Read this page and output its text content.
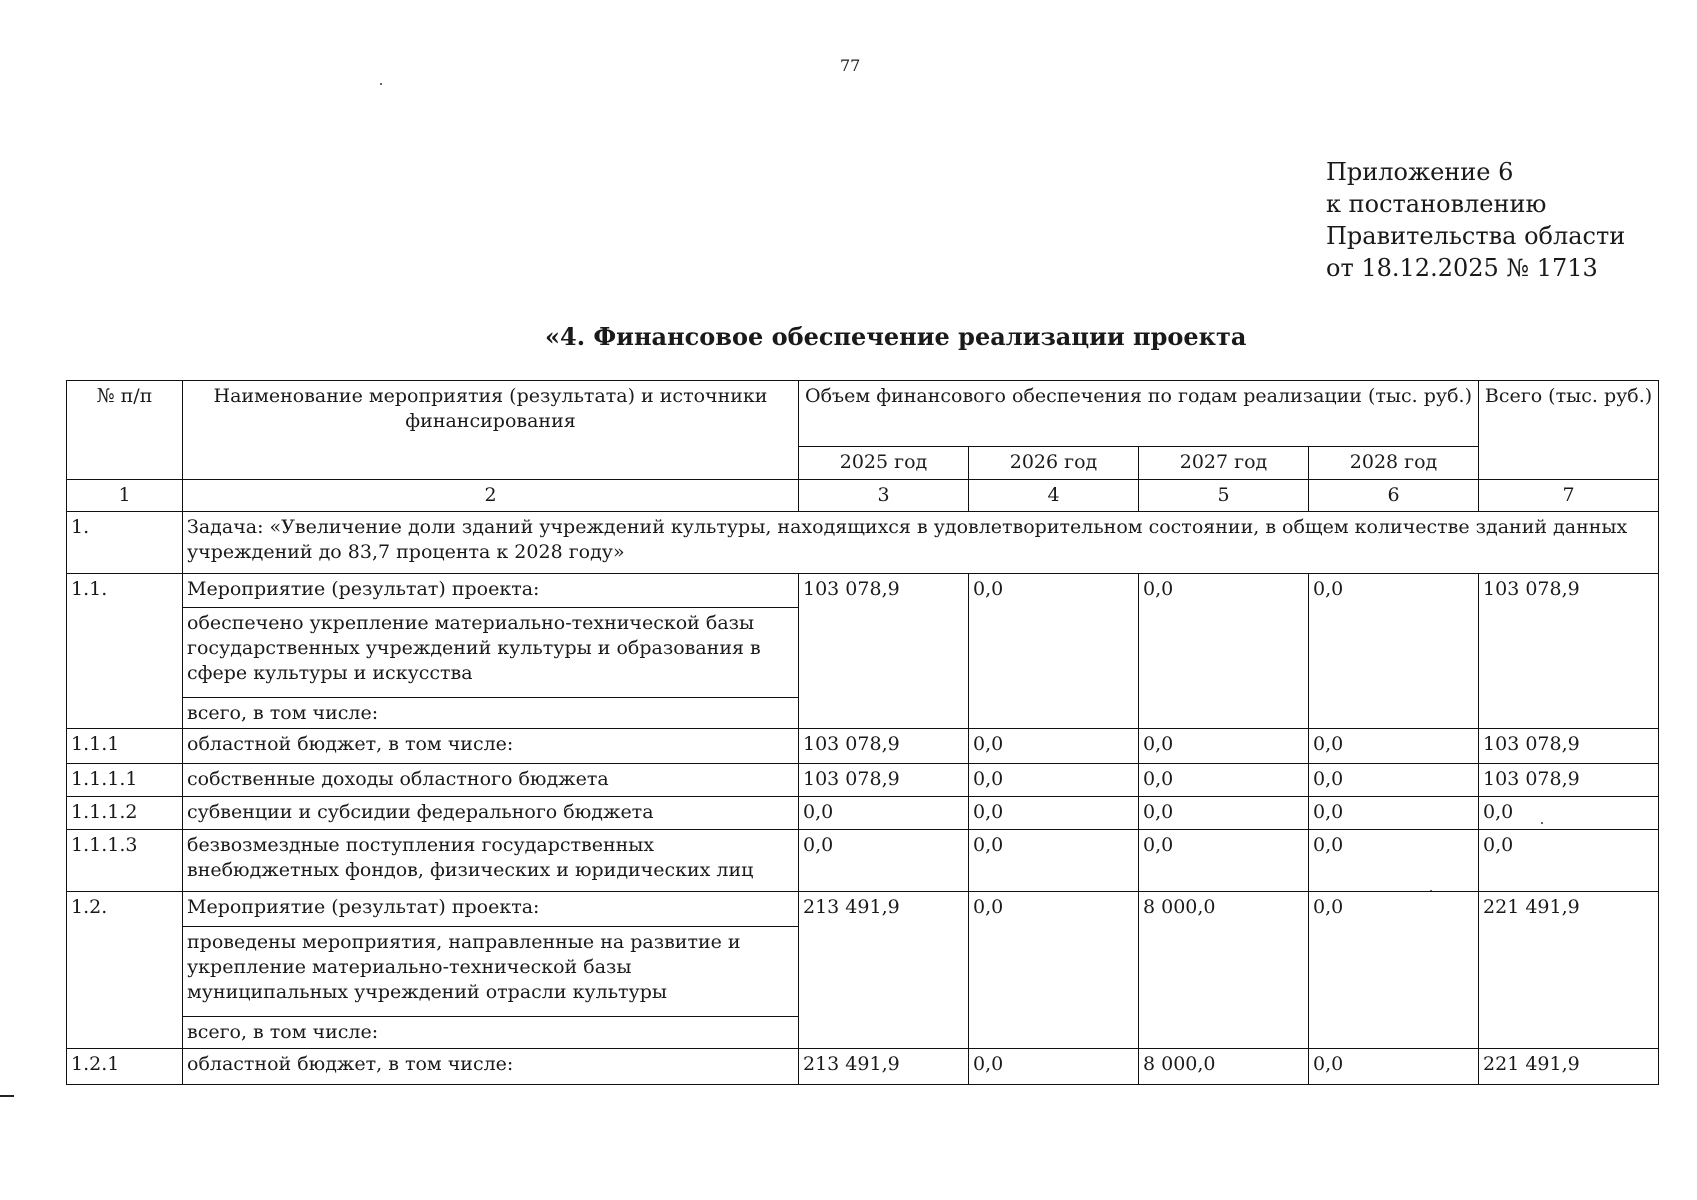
77
Приложение 6
к постановлению
Правительства области
от 18.12.2025 № 1713
«4. Финансовое обеспечение реализации проекта
№ п/п	Наименование мероприятия (результата) и источники финансирования	Объем финансового обеспечения по годам реализации (тыс. руб.)				Всего (тыс. руб.)
		2025 год	2026 год	2027 год	2028 год	
1	2	3	4	5	6	7
1.	Задача: «Увеличение доли зданий учреждений культуры, находящихся в удовлетворительном состоянии, в общем количестве зданий данных учреждений до 83,7 процента к 2028 году»					
1.1.	Мероприятие (результат) проекта:	103 078,9	0,0	0,0	0,0	103 078,9
	обеспечено укрепление материально-технической базы государственных учреждений культуры и образования в сфере культуры и искусства					
	всего, в том числе:					
1.1.1	областной бюджет, в том числе:	103 078,9	0,0	0,0	0,0	103 078,9
1.1.1.1	собственные доходы областного бюджета	103 078,9	0,0	0,0	0,0	103 078,9
1.1.1.2	субвенции и субсидии федерального бюджета	0,0	0,0	0,0	0,0	0,0
1.1.1.3	безвозмездные поступления государственных внебюджетных фондов, физических и юридических лиц	0,0	0,0	0,0	0,0	0,0
1.2.	Мероприятие (результат) проекта:	213 491,9	0,0	8 000,0	0,0	221 491,9
	проведены мероприятия, направленные на развитие и укрепление материально-технической базы муниципальных учреждений отрасли культуры					
	всего, в том числе:					
1.2.1	областной бюджет, в том числе:	213 491,9	0,0	8 000,0	0,0	221 491,9
